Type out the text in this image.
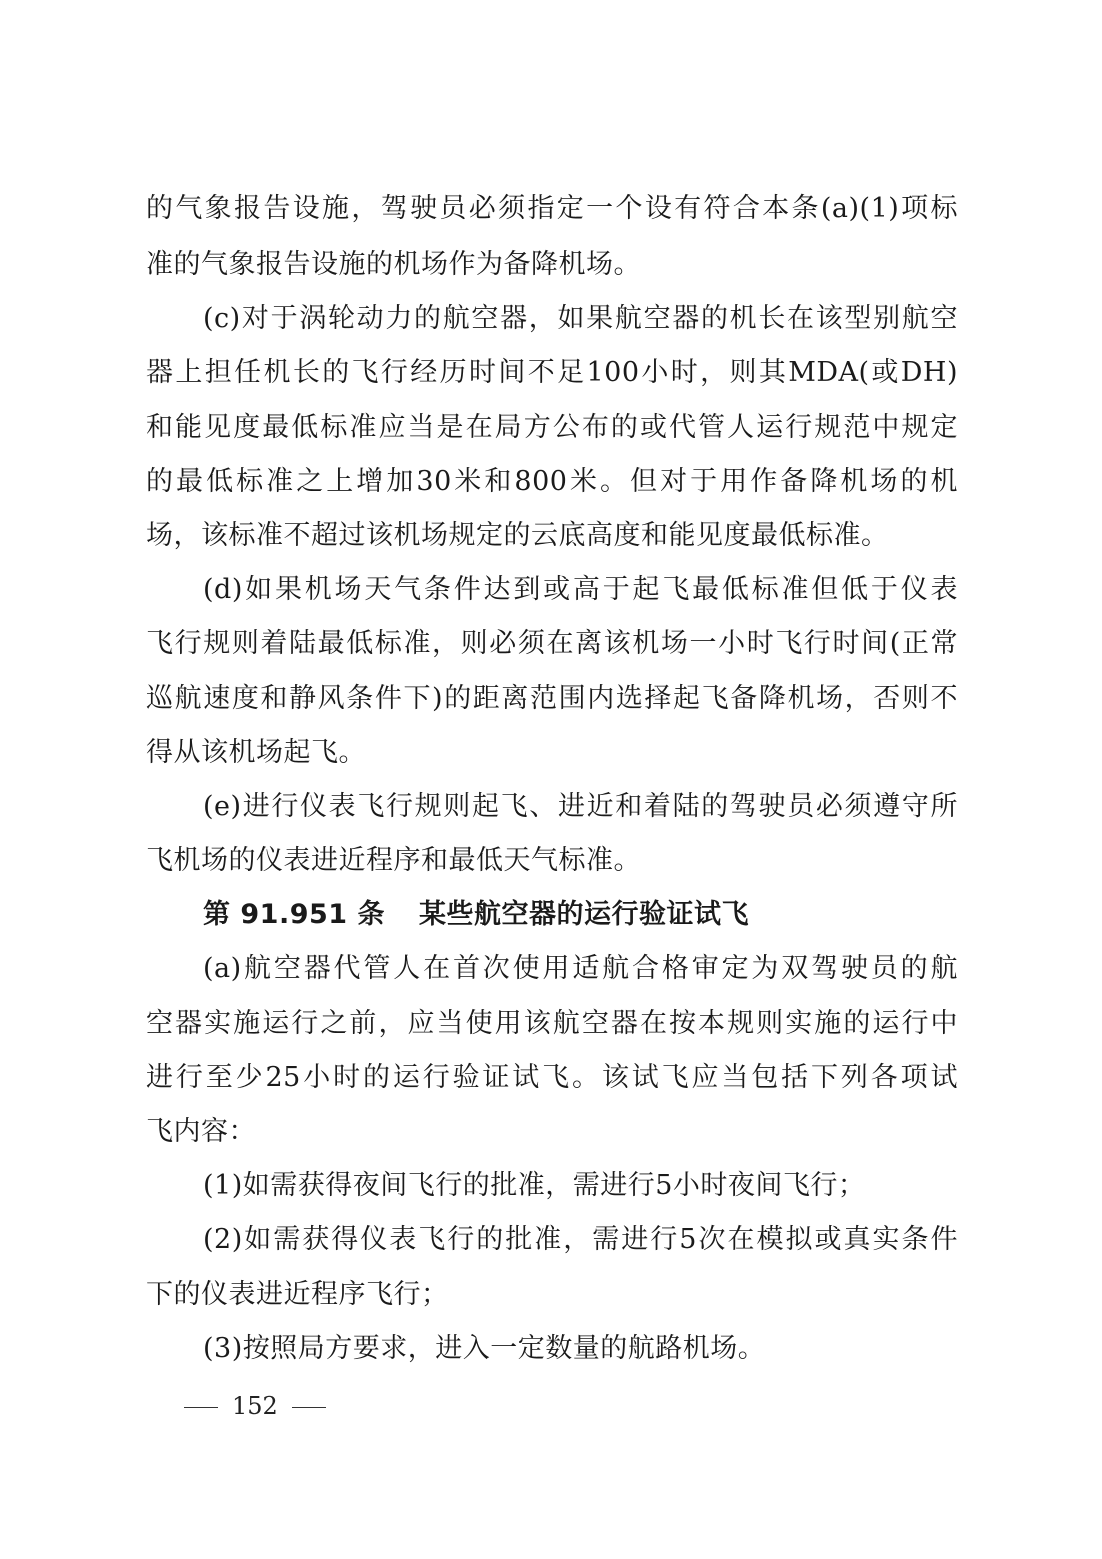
的气象报告设施，驾驶员必须指定一个设有符合本条(a)(1)项标
准的气象报告设施的机场作为备降机场。
(c)对于涡轮动力的航空器，如果航空器的机长在该型别航空
器上担任机长的飞行经历时间不足100小时，则其MDA(或DH)
和能见度最低标准应当是在局方公布的或代管人运行规范中规定
的最低标准之上增加30米和800米。但对于用作备降机场的机
场，该标准不超过该机场规定的云底高度和能见度最低标准。
(d)如果机场天气条件达到或高于起飞最低标准但低于仪表
飞行规则着陆最低标准，则必须在离该机场一小时飞行时间(正常
巡航速度和静风条件下)的距离范围内选择起飞备降机场，否则不
得从该机场起飞。
(e)进行仪表飞行规则起飞、进近和着陆的驾驶员必须遵守所
飞机场的仪表进近程序和最低天气标准。
第 91.951 条 某些航空器的运行验证试飞
(a)航空器代管人在首次使用适航合格审定为双驾驶员的航
空器实施运行之前，应当使用该航空器在按本规则实施的运行中
进行至少25小时的运行验证试飞。该试飞应当包括下列各项试
飞内容：
(1)如需获得夜间飞行的批准，需进行5小时夜间飞行；
(2)如需获得仪表飞行的批准，需进行5次在模拟或真实条件
下的仪表进近程序飞行；
(3)按照局方要求，进入一定数量的航路机场。
152
